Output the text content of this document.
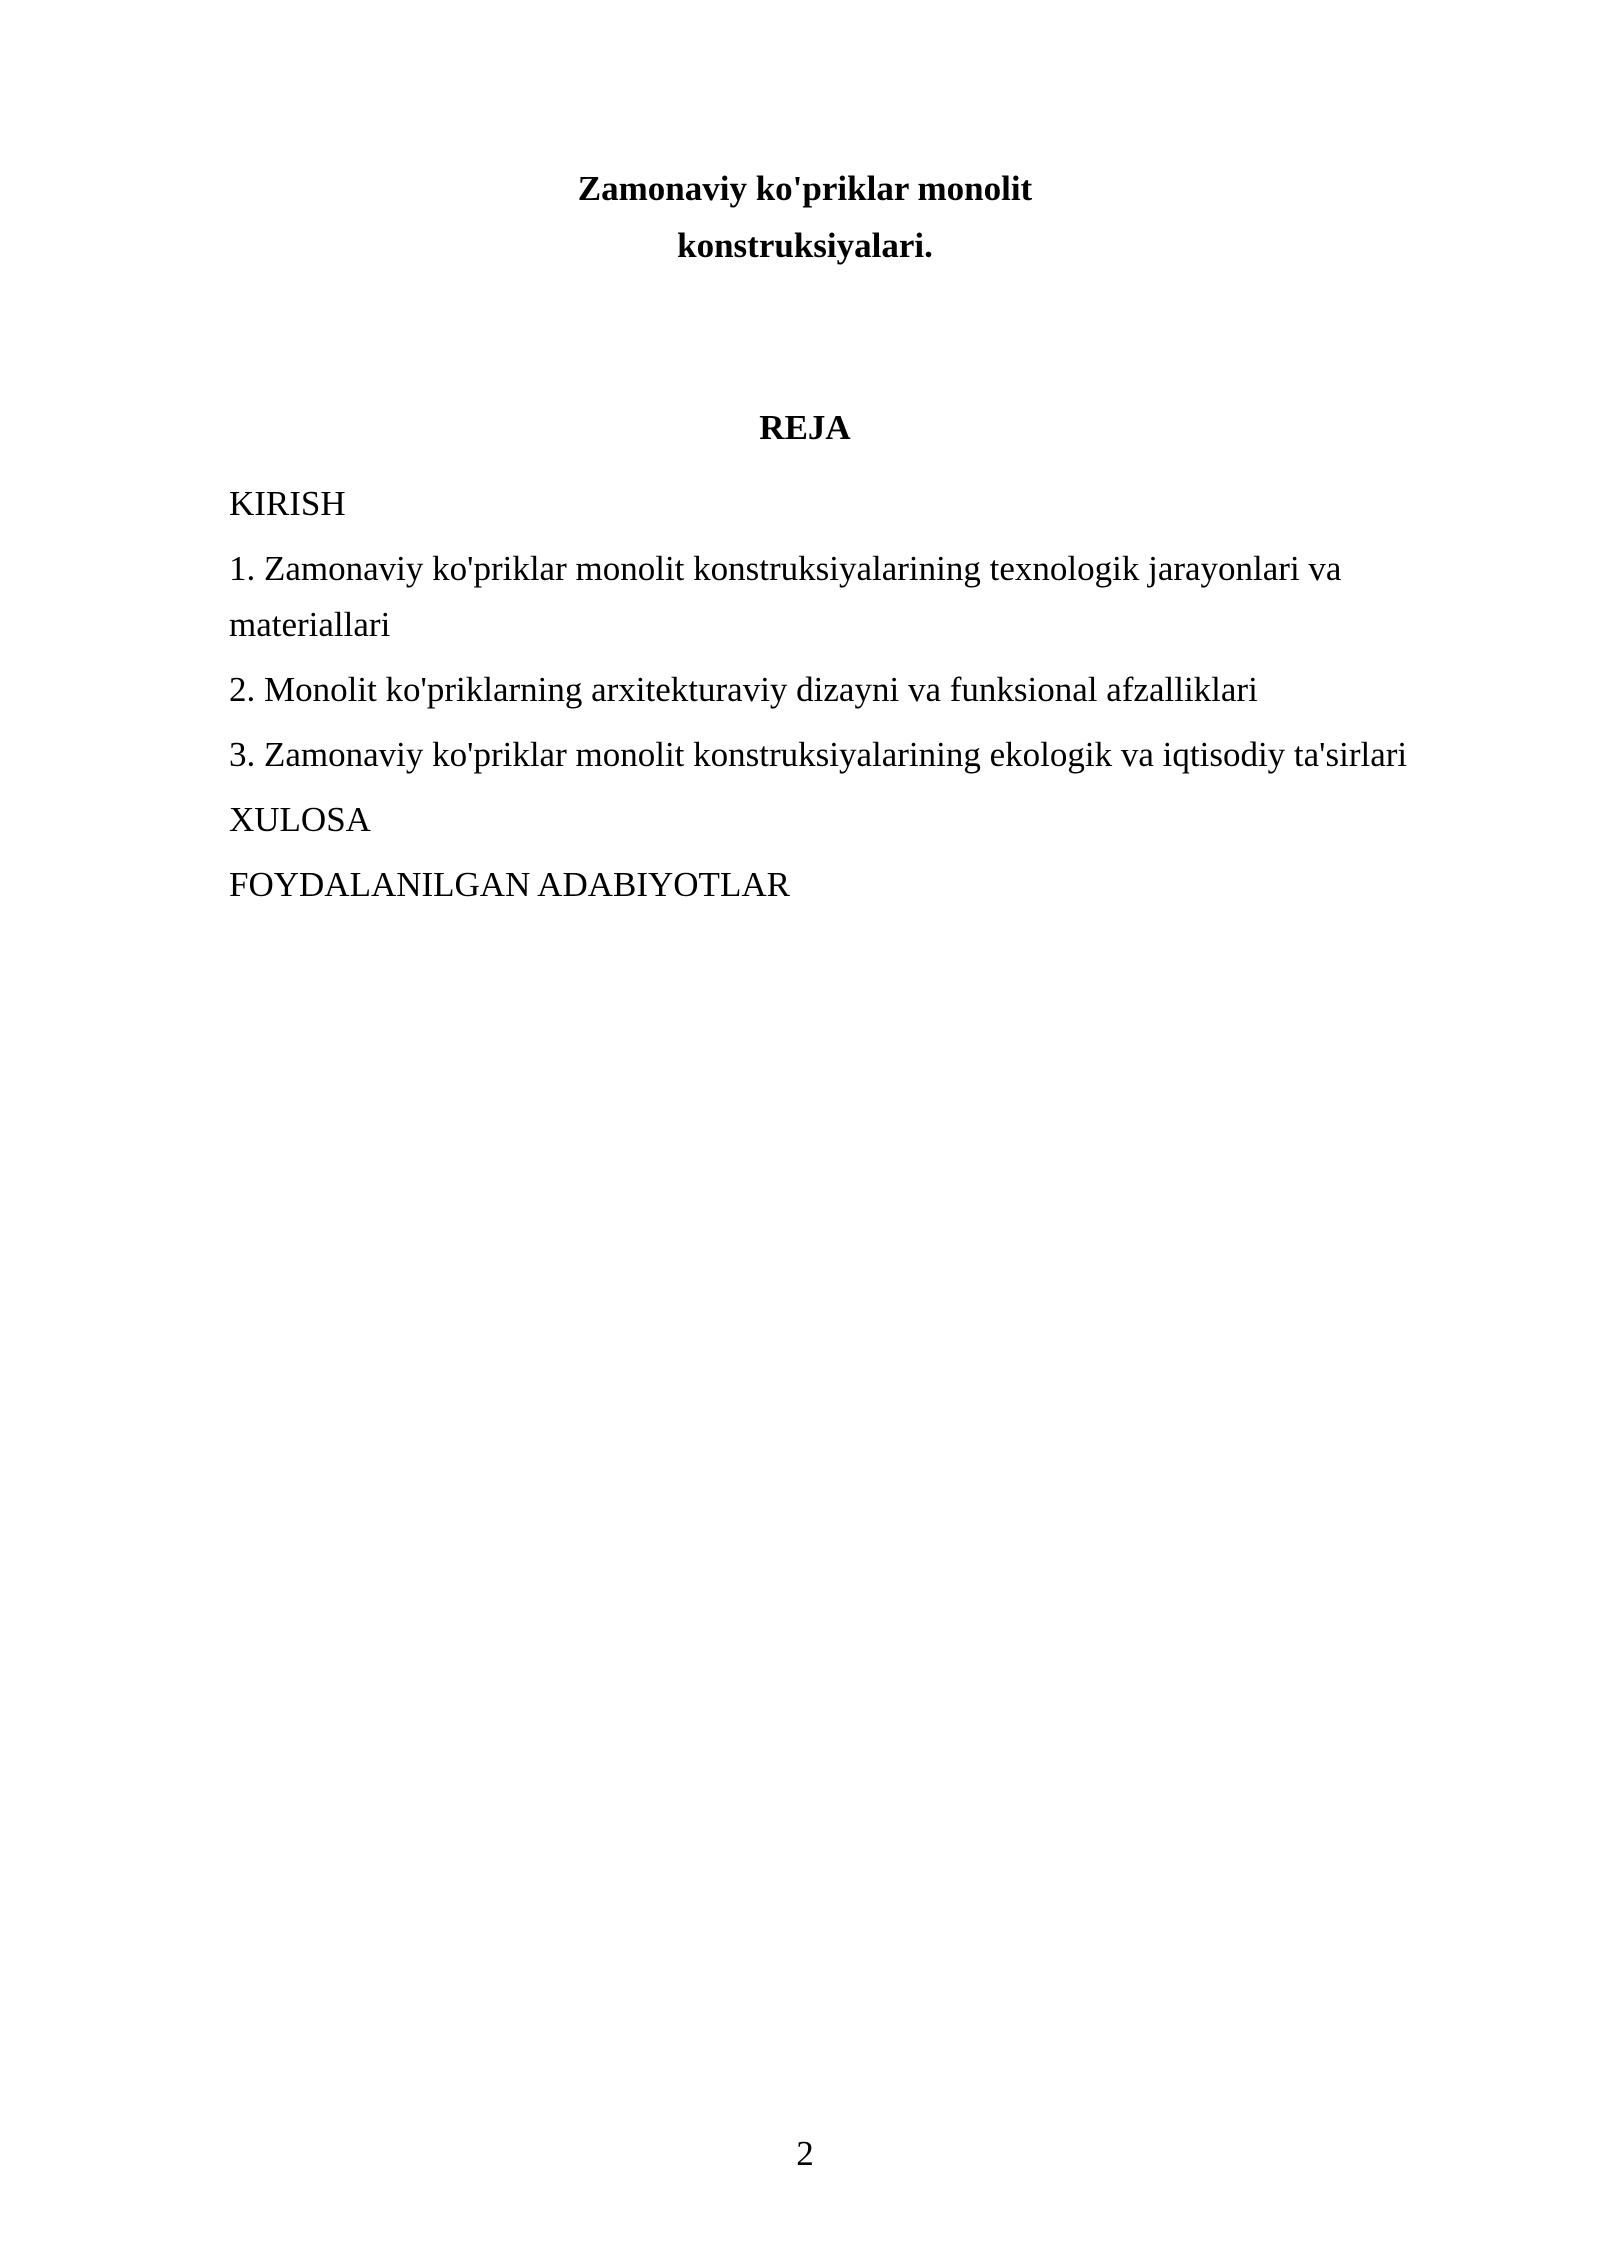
Zamonaviy ko'priklar monolit
konstruksiyalari.
REJA
KIRISH
1. Zamonaviy ko'priklar monolit konstruksiyalarining texnologik jarayonlari va materiallari
2. Monolit ko'priklarning arxitekturaviy dizayni va funksional afzalliklari
3. Zamonaviy ko'priklar monolit konstruksiyalarining ekologik va iqtisodiy ta'sirlari
XULOSA
FOYDALANILGAN ADABIYOTLAR
2
